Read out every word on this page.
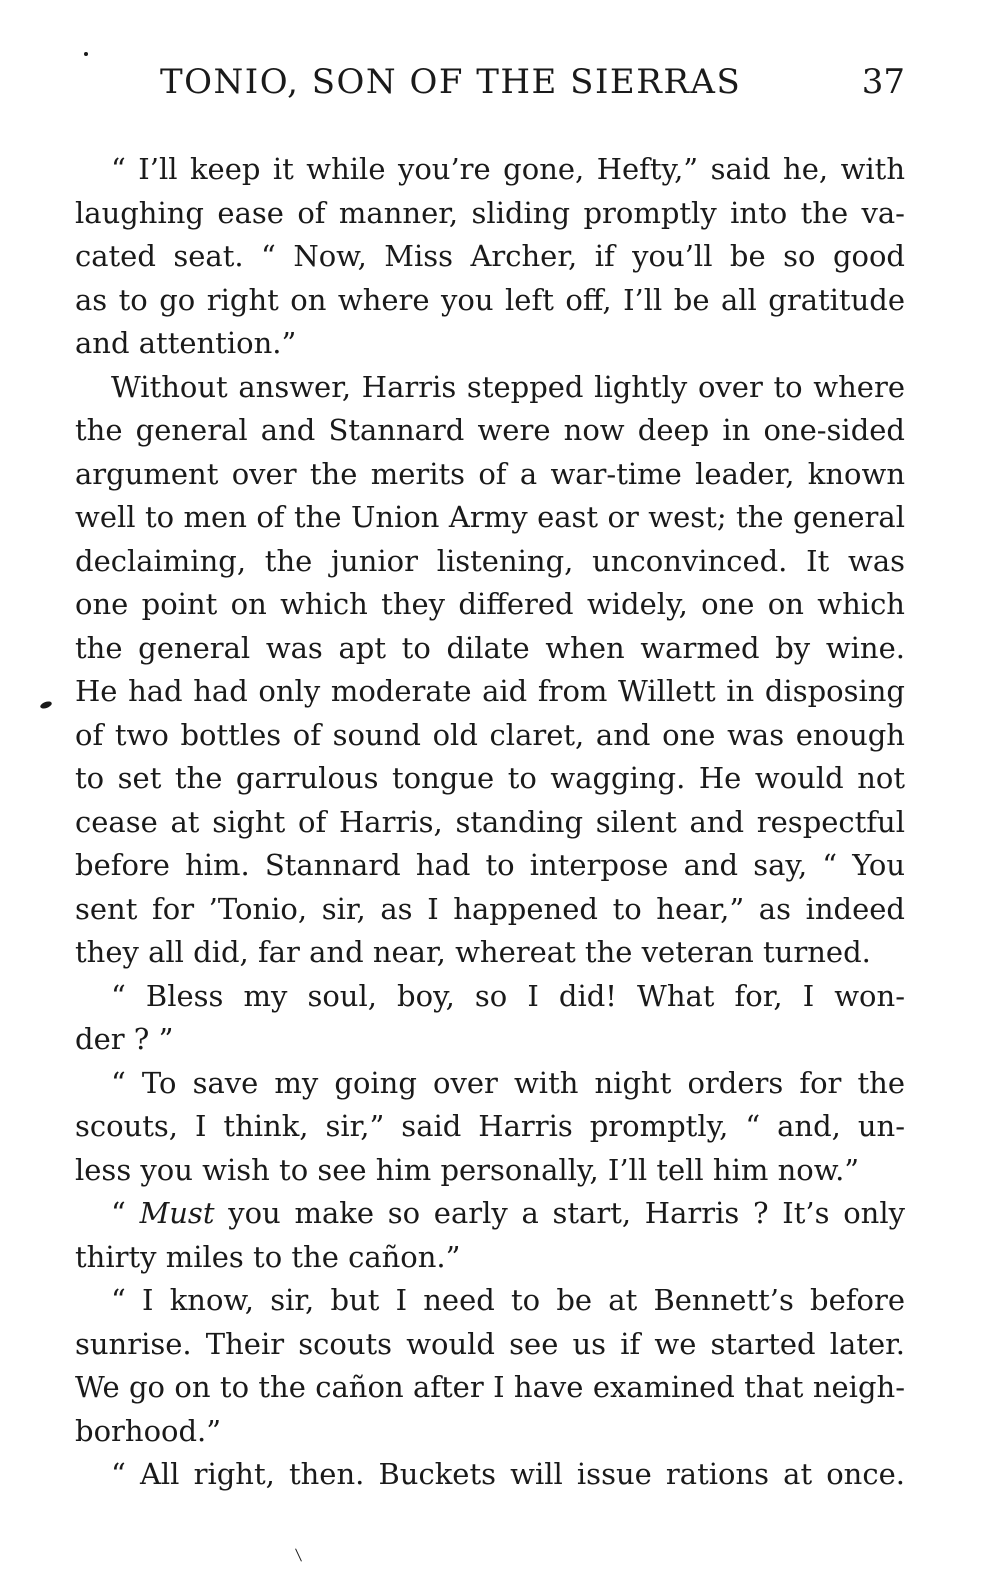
TONIO, SON OF THE SIERRAS	37
“ I’ll keep it while you’re gone, Hefty,” said he, with
laughing ease of manner, sliding promptly into the va-
cated seat. “ Now, Miss Archer, if you’ll be so good
as to go right on where you left off, I’ll be all gratitude
and attention.”
Without answer, Harris stepped lightly over to where
the general and Stannard were now deep in one-sided
argument over the merits of a war-time leader, known
well to men of the Union Army east or west; the general
declaiming, the junior listening, unconvinced. It was
one point on which they differed widely, one on which
the general was apt to dilate when warmed by wine.
He had had only moderate aid from Willett in disposing
of two bottles of sound old claret, and one was enough
to set the garrulous tongue to wagging. He would not
cease at sight of Harris, standing silent and respectful
before him. Stannard had to interpose and say, “ You
sent for ’Tonio, sir, as I happened to hear,” as indeed
they all did, far and near, whereat the veteran turned.
“ Bless my soul, boy, so I did! What for, I won-
der ? ”
“ To save my going over with night orders for the
scouts, I think, sir,” said Harris promptly, “ and, un-
less you wish to see him personally, I’ll tell him now.”
“ Must you make so early a start, Harris ? It’s only
thirty miles to the cañon.”
“ I know, sir, but I need to be at Bennett’s before
sunrise. Their scouts would see us if we started later.
We go on to the cañon after I have examined that neigh-
borhood.”
“ All right, then. Buckets will issue rations at once.
